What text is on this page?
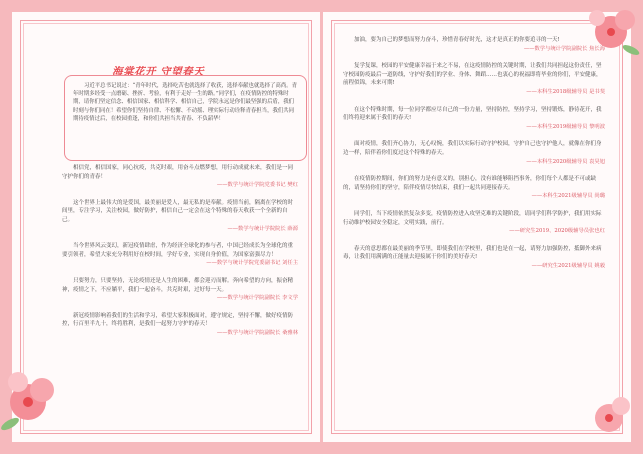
海棠花开 守望春天
习近平总书记说过：“青年时代，选择吃苦也就选择了收获，选择奉献也就选择了高尚。青年时期多经受一点磨砺、挫折、考验，有利于走好一生的路。”同学们，在疫情防控的特殊时期，请你们坚定信念、相信国家、相信科学、相信自己，学院永远是你们最坚强的后盾，我们时刻与你们同在！希望你们坚持自律、不松懈、不动摇、理实际行动诠释青春担当，我们共同期待疫情过后，在校园重逢，和你们共担当共青春、不负韶华！

相信党，相信国家，同心抗疫，共克时艰，用奋斗点燃梦想，用行动成就未来，我们是一同守护你们的青春！

——数学与统计学院党委书记 樊红

这个世界上最伟大的是爱国，最美丽是爱人，最无私的是奉献。疫情当前，隔离在学校的时间里，专注学习，关注校园，做好防护，相信自己一定会在这个特殊的春天收获一个全新的自己。

——数学与统计学院院长 薛源

当今世界风云变幻，新冠疫情肆虐，作为经济全球化的参与者，中国已经成长为全球化的重要引领者，希望大家充分利用好在校时间，学好专业，实现自身价值，为国家富强尽力！

——数学与统计学院党委副书记 刘任主

只要努力，只要坚持，无论疫情还是人生的困难，都会迎刃而解。奔向希望的方向，振奋精神，疫情之下，不应躺平，我们一起奋斗，共克时艰，过好每一天。

——数学与统计学院副院长 李文学

新冠疫情影响着我们的生活和学习，希望大家积极面对，遵守规定，坚持不懈，做好疫情防控，行百里半九十，终将胜利，是我们一起努力守护的春天！

——数学与统计学院副院长 桑雅林

加油，要为自己的梦想而努力奋斗，珍惜青春好时光，这才是真正的你要追寻的一天!

——数学与统计学院副院长 焦长海

复学复课，校园的平安健康幸福于来之不易，在这疫情防控的关键时期，让我们共同担起这份责任，坚守校园防疫最后一道防线，守护好我们的学业、身体、舞蹈……也衷心的祝福即将毕业的你们，平安健康，前程似锦，未来可期!

——本科生2018级辅导员 是书斐

在这个特殊时期，每一位同学都应尽自己的一份力量，坚持防控，坚持学习，坚持锻炼，静待花开，我们终将迎来属于我们的春天!

——本科生2019级辅导员 黎明波

面对疫情，我们齐心协力，无心叹惋，我们以实际行动守护校园，守护自己也守护他人，就像在你们身边一样，陪伴着你们度过这个特殊的春天。

——本科生2020级辅导员 袁昊旭

在疫情防控期间，你们的努力是有意义的，别担心，没有谁能够阻挡事务，你们每个人都是不可或缺的，请坚持你们的坚守，陪伴疫情尽快结束，我们一起共同迎接春天。

——本科生2021级辅导员 尚璐

同学们，当下疫情依然复杂多变，疫情防控进入攻坚克难的关键阶段，请同学们科学防护，我们用实际行动维护校园安全稳定，文明实践，前行。

——研究生2019、2020级辅导员张也红

春天的意思都在最美丽的季节里，即使我们在学校里，我们也是在一起，请努力加强防控，抵御外来病毒，让我们用满满的正能量去迎接属于你们的美好春天!

——研究生2021级辅导员 姚毅
